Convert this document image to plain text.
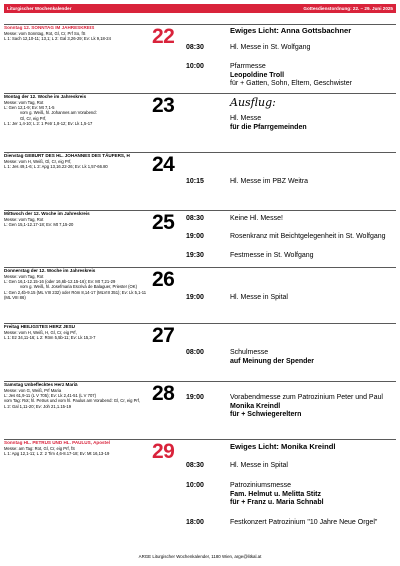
Liturgischer Wochenkalender	Gottesdienstordnung: 22. – 29. Juni 2025
Sonntag 12. SONNTAG IM JAHRESKREIS
Messe: vom Sonntag, Rot, Gl, Cr, Prf So, fS
L 1: Sach 12,10-11; 13,1; L 2: Gal 3,26-29; Ev: Lk 9,18-24	22	Ewiges Licht: Anna Gottsbachner
08:30	Hl. Messe in St. Wolfgang
10:00	Pfarrmesse
Leopoldine Troll
für + Gatten, Sohn, Eltern, Geschwister
Montag der 12. Woche im Jahreskreis
Messe: vom Tag, Rot
L: Gen 12,1-9; Ev: Mt 7,1-5
vom g. Weiß, hl. Johannes am Vorabend:
Gl, Cr, eig Prf,
L 1: Jer 1,4-10; L 2: 1 Petr 1,8-12; Ev: Lk 1,5-17
23	Ausflug:
Hl. Messe
für die Pfarrgemeinden
Dienstag GEBURT DES HL. JOHANNES DES TÄUFERS, H
Messe: vom H, Weiß, Gl, Cr, eig Prf,
L 1: Jes 49,1-6; L 2: Apg 13,16.22-26; Ev: Lk 1,57-66.80	24
10:15	Hl. Messe im PBZ Weitra
Mittwoch der 12. Woche im Jahreskreis
Messe: vom Tag, Rot
L: Gen 15,1-12.17-18; Ev: Mt 7,15-20	25 08:30	Keine Hl. Messe!
19:00	Rosenkranz mit Beichtgelegenheit in St. Wolfgang
19:30	Festmesse in St. Wolfgang
Donnerstag der 12. Woche im Jahreskreis
Messe: vom Tag, Rot
L: Gen 16,1-12.15-16 (oder 16,6b-12.15-16); Ev: Mt 7,21-29
vom g. Weiß, hl. Josefmaria Escrivá de Balaguer, Priester (OK)
L: Gen 2,4b-9.15 (ML VIII 232) oder Röm 8,14-17 (MLVIII 351); Ev: Lk 5,1-11 (ML VIII 86)
26
19:00	Hl. Messe in Spital
Freitag HEILIGSTES HERZ JESU
Messe: vom H, Weiß, H, Gl, Cr, eig Prf,
L 1: Ez 34,11-16; L 2: Röm 5,5b-11; Ev: Lk 15,3-7	27
08:00	Schulmesse
auf Meinung der Spender
Samstag Unbeflecktes Herz Mariä
Messe: von G, Weiß, Prf Maria
L: Jes 61,9-11 (L V 705); Ev: Lk 2,41-51 (L V 707)
vom Tag: Rot; hl. Petrus und vom hl. Paulus am Vorabend: Gl, Cr, eig Prf,
L 2: Gal 1,11-20; Ev: Joh 21,1.15-19
28 19:00	Vorabendmesse zum Patrozinium Peter und Paul
Monika Kreindl
für + Schwiegereltern
Sonntag HL. PETRUS UND HL. PAULUS, Apostel
Messe: am Tag: Rot, Gl, Cr, eig Prf, fS
L 1: Apg 12,1-11; L 2: 2 Tim 4,6-8.17-18; Ev: Mt 16,13-19	29	Ewiges Licht: Monika Kreindl
08:30	Hl. Messe in Spital
10:00	Patroziniumsmesse
Fam. Helmut u. Melitta Stitz
für + Franz u. Maria Schnabl
18:00	Festkonzert Patrozinium "10 Jahre Neue Orgel"
ARGE Liturgischer Wochenkalender, 1180 Wien, arge@litkal.at
